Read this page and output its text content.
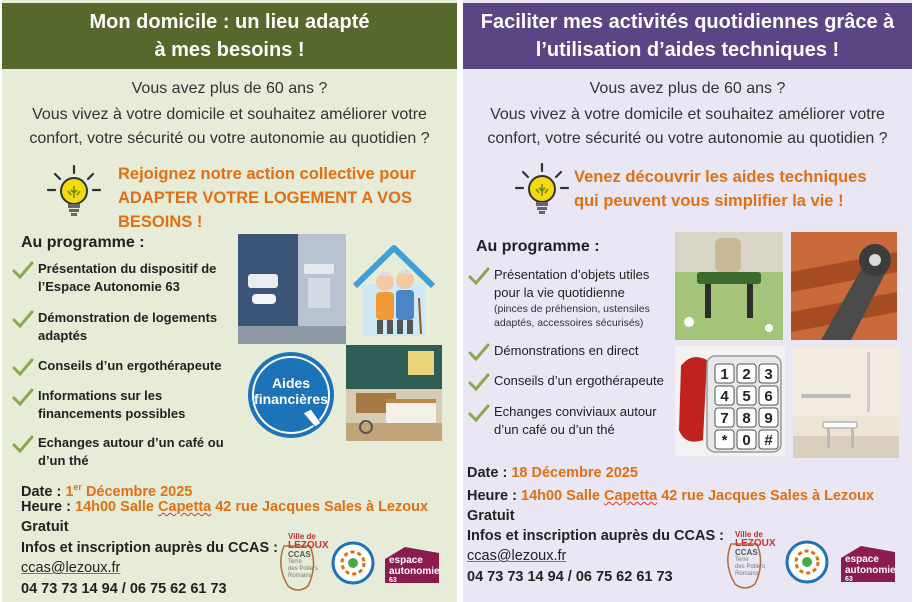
Mon domicile : un lieu adapté
à mes besoins !
Vous avez plus de 60 ans ?
Vous vivez à votre domicile et souhaitez améliorer votre
confort, votre sécurité ou votre autonomie au quotidien ?
Rejoignez notre action collective pour
ADAPTER VOTRE LOGEMENT A VOS
BESOINS !
Au programme :
Présentation du dispositif de
l’Espace Autonomie 63
Démonstration de logements
adaptés
Conseils d’un ergothérapeute
Informations sur les
financements possibles
Echanges autour d’un café ou
d’un thé
Aides
financières
Date : 1er Décembre 2025
Heure : 14h00 Salle Capetta 42 rue Jacques Sales à Lezoux
Gratuit
Infos et inscription auprès du CCAS :
ccas@lezoux.fr
04 73 73 14 94 / 06 75 62 61 73
Ville de
LEZOUX
CCAS
Terre
des Potiers
Romains
espace
autonomie
63
Faciliter mes activités quotidiennes grâce à
l’utilisation d’aides techniques !
Vous avez plus de 60 ans ?
Vous vivez à votre domicile et souhaitez améliorer votre
confort, votre sécurité ou votre autonomie au quotidien ?
Venez découvrir les aides techniques
qui peuvent vous simplifier la vie !
Au programme :
Présentation d’objets utiles
pour la vie quotidienne
(pinces de préhension, ustensiles
adaptés, accessoires sécurisés)
Démonstrations en direct
Conseils d’un ergothérapeute
Echanges conviviaux autour
d’un café ou d’un thé
1 2 3
4 5 6
7 8 9
* 0 #
Date : 18 Décembre 2025
Heure : 14h00 Salle Capetta 42 rue Jacques Sales à Lezoux
Gratuit
Infos et inscription auprès du CCAS :
ccas@lezoux.fr
04 73 73 14 94 / 06 75 62 61 73
Ville de
LEZOUX
CCAS
Terre
des Potiers
Romains
espace
autonomie
63
